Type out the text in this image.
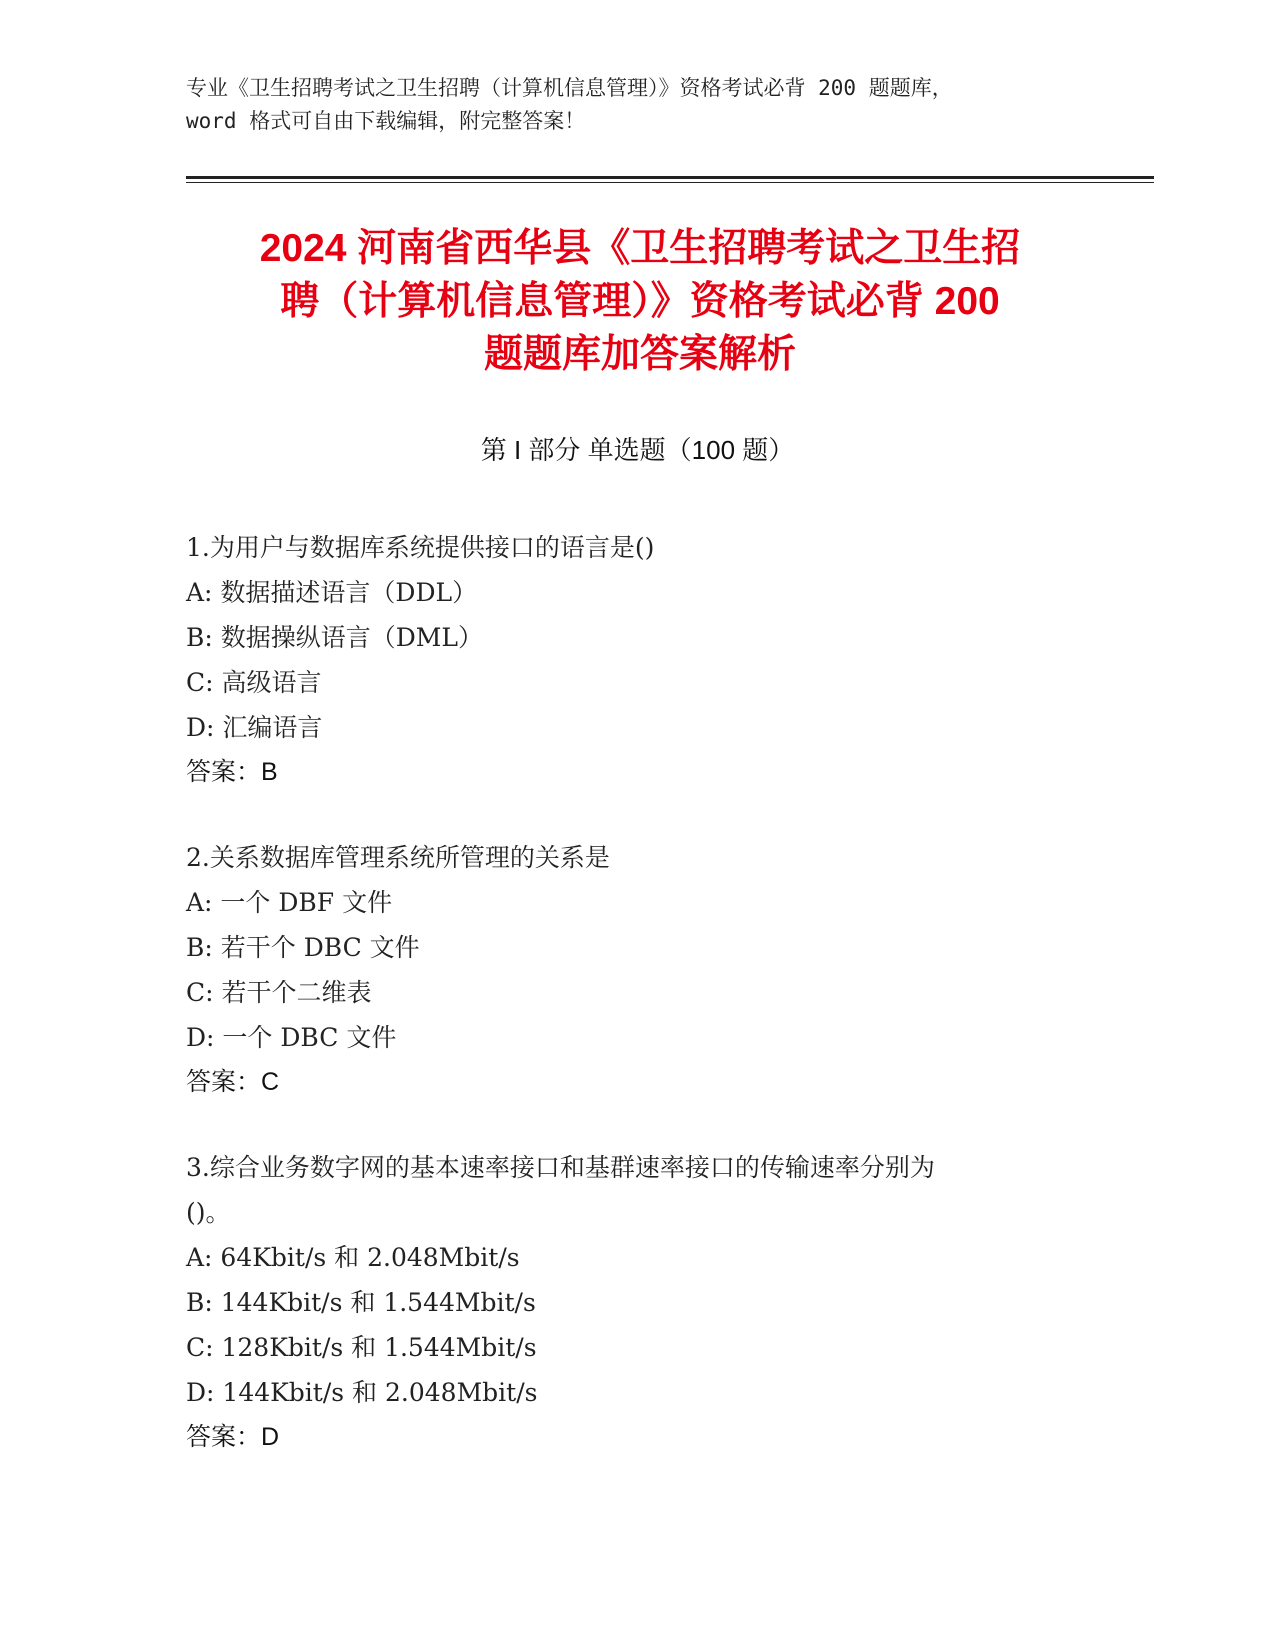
专业《卫生招聘考试之卫生招聘（计算机信息管理）》资格考试必背 200 题题库，
word 格式可自由下载编辑，附完整答案！
2024 河南省西华县《卫生招聘考试之卫生招
聘（计算机信息管理）》资格考试必背 200
题题库加答案解析
第 I 部分 单选题（100 题）
1.为用户与数据库系统提供接口的语言是()
A: 数据描述语言（DDL）
B: 数据操纵语言（DML）
C: 高级语言
D: 汇编语言
答案：B
2.关系数据库管理系统所管理的关系是
A: 一个 DBF 文件
B: 若干个 DBC 文件
C: 若干个二维表
D: 一个 DBC 文件
答案：C
3.综合业务数字网的基本速率接口和基群速率接口的传输速率分别为
()。
A: 64Kbit/s 和 2.048Mbit/s
B: 144Kbit/s 和 1.544Mbit/s
C: 128Kbit/s 和 1.544Mbit/s
D: 144Kbit/s 和 2.048Mbit/s
答案：D
